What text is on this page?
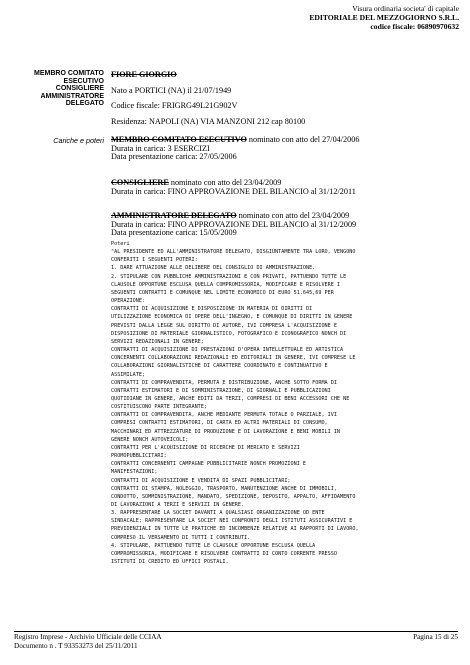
Visura ordinaria societa' di capitale
EDITORIALE DEL MEZZOGIORNO S.R.L.
codice fiscale: 06890970632
MEMBRO COMITATO
ESECUTIVO
CONSIGLIERE
AMMINISTRATORE
DELEGATO
FIORE GIORGIO
Nato a PORTICI (NA) il 21/07/1949
Codice fiscale: FRIGRG49L21G902V
Residenza: NAPOLI (NA) VIA MANZONI 212 cap 80100
Cariche e poteri MEMBRO COMITATO ESECUTIVO nominato con atto del 27/04/2006
Durata in carica: 3 ESERCIZI
Data presentazione carica: 27/05/2006
CONSIGLIERE nominato con atto del 23/04/2009
Durata in carica: FINO APPROVAZIONE DEL BILANCIO al 31/12/2011
AMMINISTRATORE DELEGATO nominato con atto del 23/04/2009
Durata in carica: FINO APPROVAZIONE DEL BILANCIO al 31/12/2009
Data presentazione carica: 15/05/2009
Poteri
"AL PRESIDENTE ED ALL'AMMINISTRATORE DELEGATO, DISGIUNTAMENTE TRA LORO, VENGONO
CONFERITI I SEGUENTI POTERI:
1. DARE ATTUAZIONE ALLE DELIBERE DEL CONSIGLIO DI AMMINISTRAZIONE.
2. STIPULARE CON PUBBLICHE AMMINISTRAZIONI E CON PRIVATI, PATTUENDO TUTTE LE
CLAUSOLE OPPORTUNE ESCLUSA QUELLA COMPROMISSORIA, MODIFICARE E RISOLVERE I
SEGUENTI CONTRATTI E COMUNQUE NEL LIMITE ECONOMICO DI EURO 51.645,69 PER
OPERAZIONE:
CONTRATTI DI ACQUISIZIONE E DISPOSIZIONE IN MATERIA DI DIRITTI DI
UTILIZZAZIONE ECONOMICA DI OPERE DELL'INGEGNO, E COMUNQUE DI DIRITTI IN GENERE
PREVISTI DALLA LEGGE SUL DIRITTO DI AUTORE, IVI COMPRESA L'ACQUISIZIONE E
DISPOSIZIONE DI MATERIALE GIORNALISTICO, FOTOGRAFICO E ICONOGRAFICO NONCH DI
SERVIZI REDAZIONALI IN GENERE;
CONTRATTI DI ACQUISIZIONE DI PRESTAZIONI D'OPERA INTELLETTUALE ED ARTISTICA
CONCERNENTI COLLABORAZIONI REDAZIONALI ED EDITORIALI IN GENERE, IVI COMPRESE LE
COLLABORAZIONI GIORNALISTICHE DI CARATTERE COORDINATO E CONTINUATIVO E
ASSIMILATE;
CONTRATTI DI COMPRAVENDITA, PERMUTA E DISTRIBUZIONE, ANCHE SOTTO FORMA DI
CONTRATTI ESTIMATORI E DI SOMMINISTRAZIONE, DI GIORNALI E PUBBLICAZIONI
QUOTIDIANE IN GENERE, ANCHE EDITI DA TERZI, COMPRESI DI BENI ACCESSORI CHE NE
COSTITUISCONO PARTE INTEGRANTE;
CONTRATTI DI COMPRAVENDITA, ANCHE MEDIANTE PERMUTA TOTALE O PARZIALE, IVI
COMPRESI CONTRATTI ESTIMATORI, DI CARTA ED ALTRI MATERIALI DI CONSUMO,
MACCHINARI ED ATTREZZATURE DI PRODUZIONE E DI LAVORAZIONE E BENI MOBILI IN
GENERE NONCH AUTOVEICOLI;
CONTRATTI PER L'ACQUISIZIONE DI RICERCHE DI MERCATO E SERVIZI
PROMOPUBBLICITARI;
CONTRATTI CONCERNENTI CAMPAGNE PUBBLICITARIE NONCH PROMOZIONI E
MANIFESTAZIONI;
CONTRATTI DI ACQUISIZIONE E VENDITA DI SPAZI PUBBLICITARI;
CONTRATTI DI STAMPA, NOLEGGIO, TRASPORTO, MANUTENZIONE ANCHE DI IMMOBILI,
CONDOTTO, SOMMINISTRAZIONE, MANDATO, SPEDIZIONE, DEPOSITO, APPALTO, AFFIDAMENTO
DI LAVORAZIONI A TERZI E SERVIZI IN GENERE.
3. RAPPRESENTARE LA SOCIET DAVANTI A QUALSIASI ORGANIZZAZIONE OD ENTE
SINDACALE; RAPPRESENTARE LA SOCIET NEI CONFRONTI DEGLI ISTITUTI ASSICURATIVI E
PREVIDENZIALI IN TUTTE LE PRATICHE ED INCOMBENZE RELATIVE AI RAPPORTI DI LAVORO,
COMPRESO IL VERSAMENTO DI TUTTI I CONTRIBUTI.
4. STIPULARE, PATTUENDO TUTTE LE CLAUSOLE OPPORTUNE ESCLUSA QUELLA
COMPROMISSORIA, MODIFICARE E RISOLVERE CONTRATTI DI CONTO CORRENTE PRESSO
ISTITUTI DI CREDITO ED UFFICI POSTALI.
Registro Imprese - Archivio Ufficiale delle CCIAA
Documento n . T 93353273 del 25/11/2011
Pagina 15 di 25
